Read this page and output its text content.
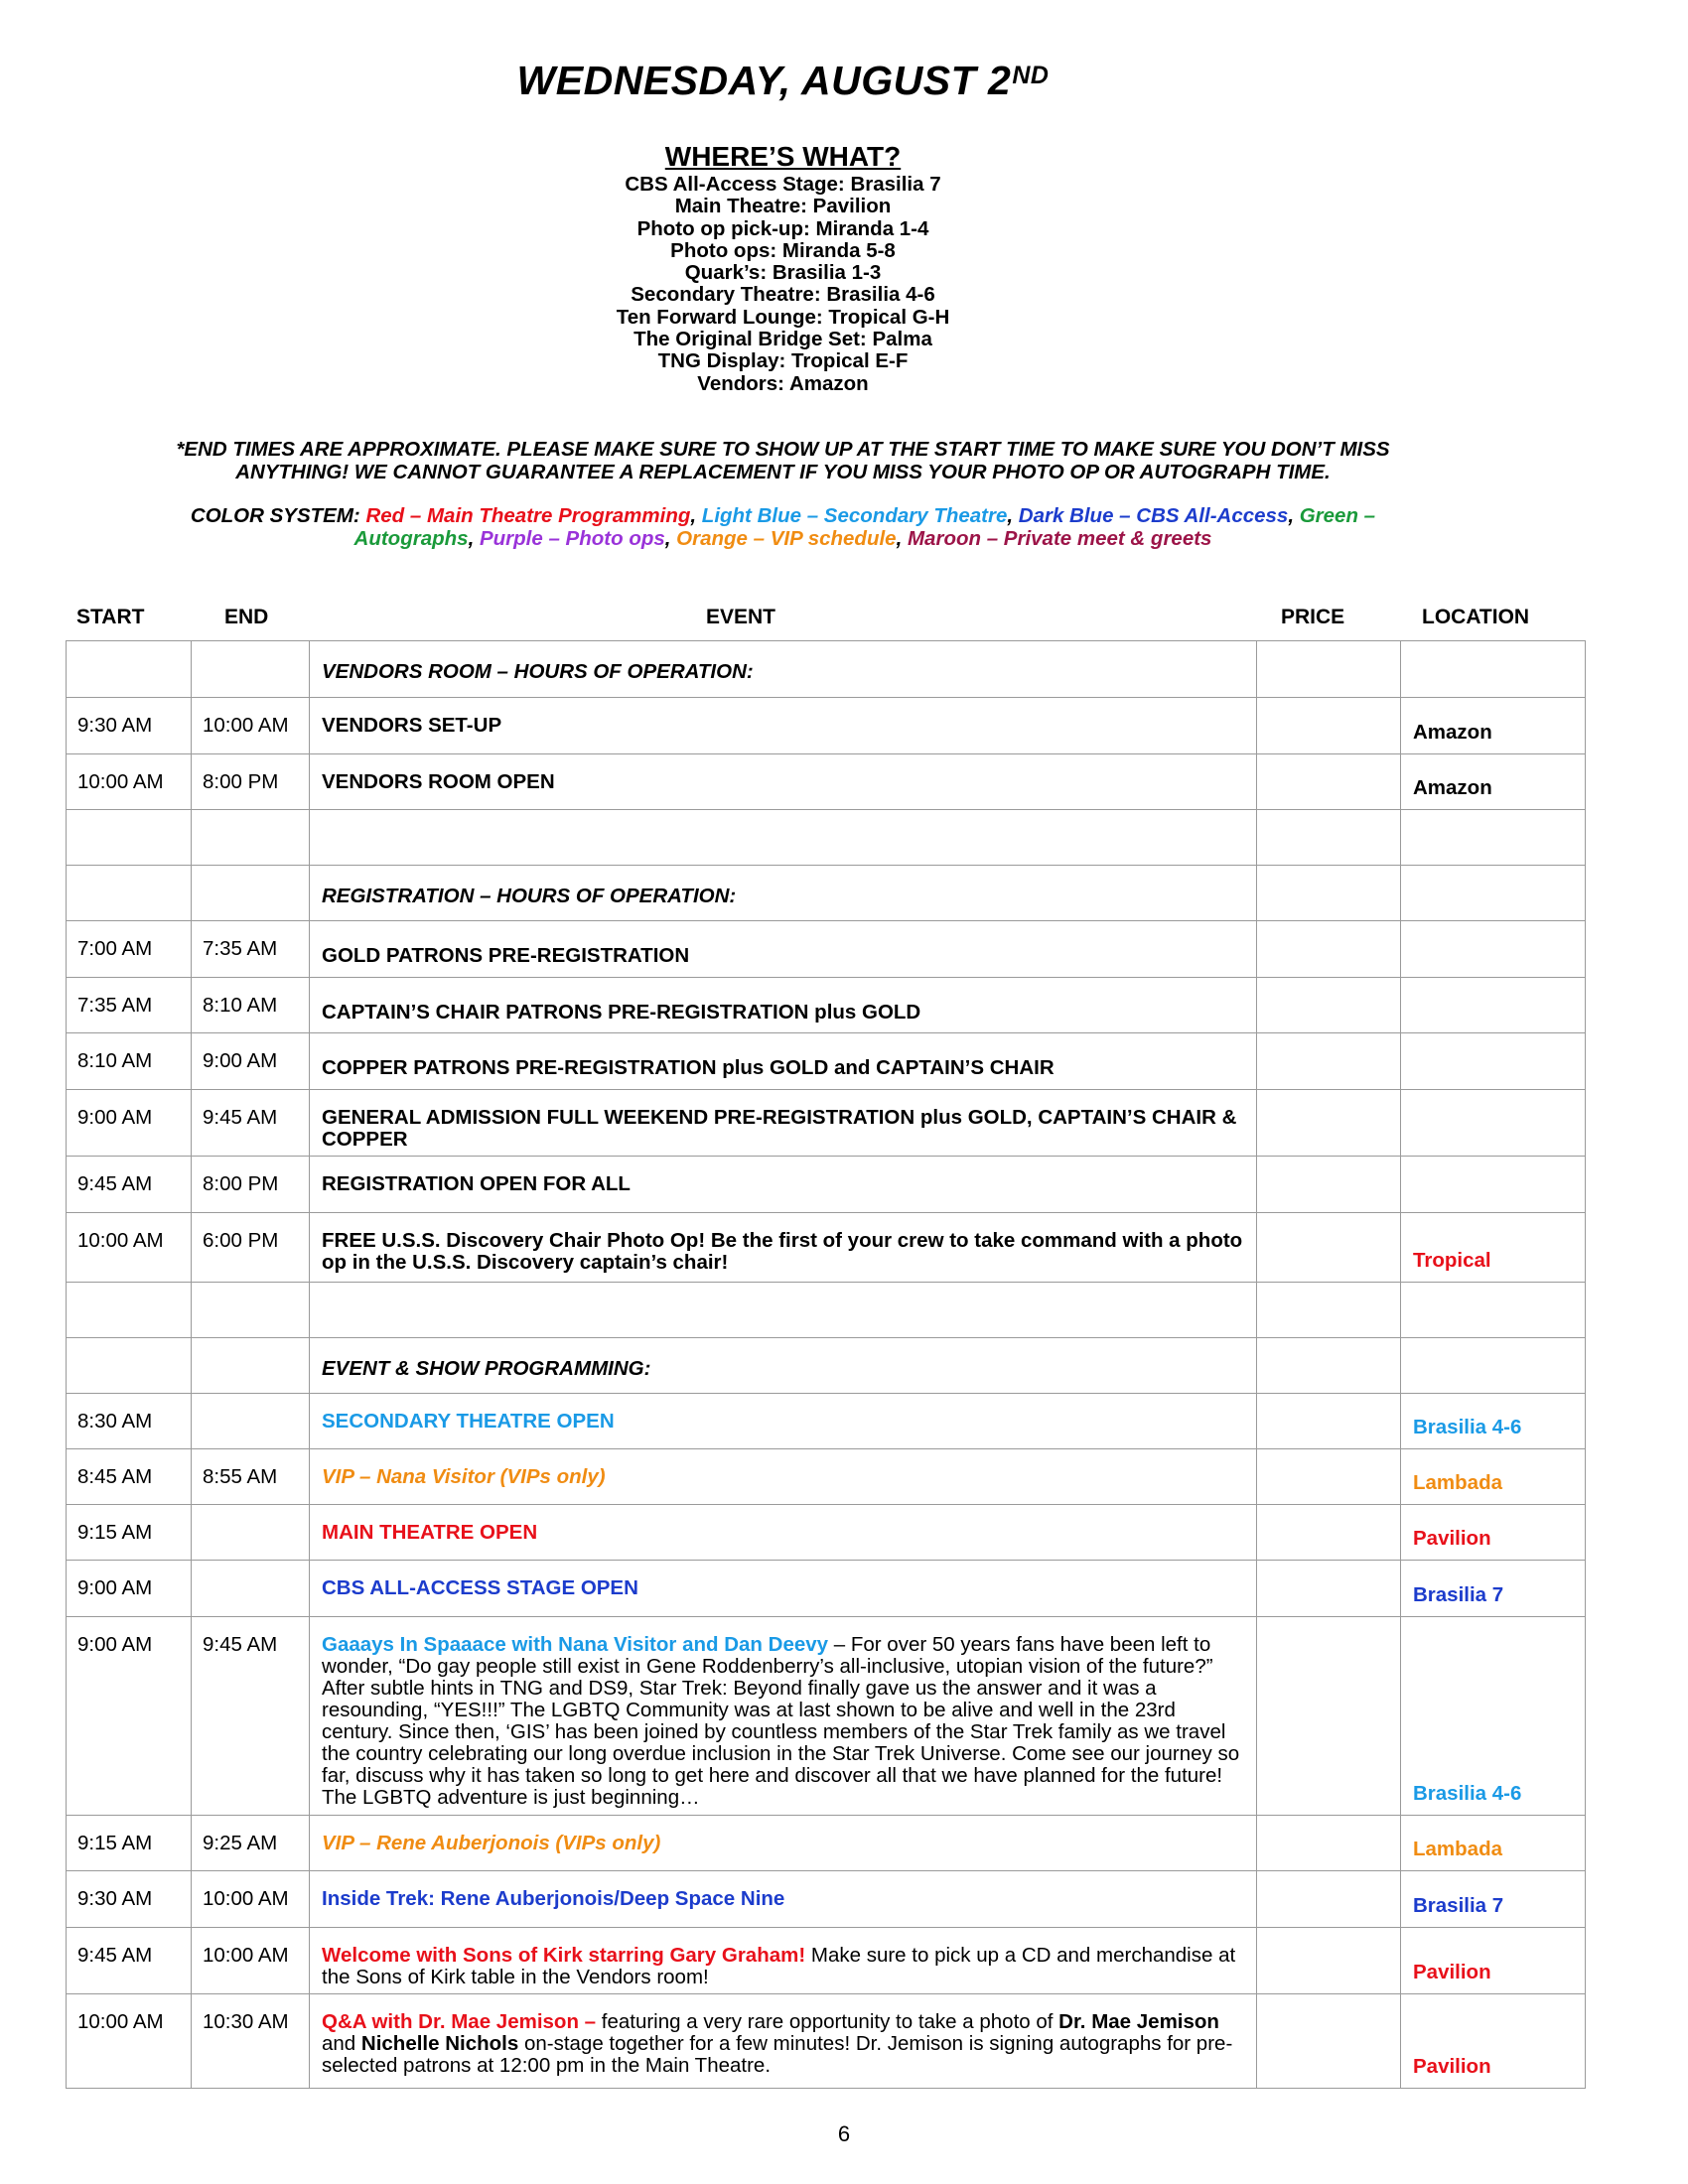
WEDNESDAY, AUGUST 2ND
WHERE’S WHAT?
CBS All-Access Stage: Brasilia 7
Main Theatre: Pavilion
Photo op pick-up: Miranda 1-4
Photo ops: Miranda 5-8
Quark’s: Brasilia 1-3
Secondary Theatre: Brasilia 4-6
Ten Forward Lounge: Tropical G-H
The Original Bridge Set: Palma
TNG Display: Tropical E-F
Vendors: Amazon
*END TIMES ARE APPROXIMATE. PLEASE MAKE SURE TO SHOW UP AT THE START TIME TO MAKE SURE YOU DON’T MISS
ANYTHING! WE CANNOT GUARANTEE A REPLACEMENT IF YOU MISS YOUR PHOTO OP OR AUTOGRAPH TIME.
COLOR SYSTEM: Red – Main Theatre Programming, Light Blue – Secondary Theatre, Dark Blue – CBS All-Access, Green –
Autographs, Purple – Photo ops, Orange – VIP schedule, Maroon – Private meet & greets
START	END	EVENT	PRICE	LOCATION
		VENDORS ROOM – HOURS OF OPERATION:		
9:30 AM	10:00 AM	VENDORS SET-UP		Amazon
10:00 AM	8:00 PM	VENDORS ROOM OPEN		Amazon

		REGISTRATION – HOURS OF OPERATION:		
7:00 AM	7:35 AM	GOLD PATRONS PRE-REGISTRATION		
7:35 AM	8:10 AM	CAPTAIN’S CHAIR PATRONS PRE-REGISTRATION plus GOLD		
8:10 AM	9:00 AM	COPPER PATRONS PRE-REGISTRATION plus GOLD and CAPTAIN’S CHAIR		
9:00 AM	9:45 AM	GENERAL ADMISSION FULL WEEKEND PRE-REGISTRATION plus GOLD, CAPTAIN’S CHAIR & COPPER		
9:45 AM	8:00 PM	REGISTRATION OPEN FOR ALL		
10:00 AM	6:00 PM	FREE U.S.S. Discovery Chair Photo Op! Be the first of your crew to take command with a photo op in the U.S.S. Discovery captain’s chair!		Tropical

		EVENT & SHOW PROGRAMMING:		
8:30 AM		SECONDARY THEATRE OPEN		Brasilia 4-6
8:45 AM	8:55 AM	VIP – Nana Visitor (VIPs only)		Lambada
9:15 AM		MAIN THEATRE OPEN		Pavilion
9:00 AM		CBS ALL-ACCESS STAGE OPEN		Brasilia 7
9:00 AM	9:45 AM	Gaaays In Spaaace with Nana Visitor and Dan Deevy – For over 50 years fans have been left to wonder, “Do gay people still exist in Gene Roddenberry’s all-inclusive, utopian vision of the future?” After subtle hints in TNG and DS9, Star Trek: Beyond finally gave us the answer and it was a resounding, “YES!!!” The LGBTQ Community was at last shown to be alive and well in the 23rd century. Since then, ‘GIS’ has been joined by countless members of the Star Trek family as we travel the country celebrating our long overdue inclusion in the Star Trek Universe. Come see our journey so far, discuss why it has taken so long to get here and discover all that we have planned for the future! The LGBTQ adventure is just beginning…		Brasilia 4-6
9:15 AM	9:25 AM	VIP – Rene Auberjonois (VIPs only)		Lambada
9:30 AM	10:00 AM	Inside Trek: Rene Auberjonois/Deep Space Nine		Brasilia 7
9:45 AM	10:00 AM	Welcome with Sons of Kirk starring Gary Graham! Make sure to pick up a CD and merchandise at the Sons of Kirk table in the Vendors room!		Pavilion
10:00 AM	10:30 AM	Q&A with Dr. Mae Jemison – featuring a very rare opportunity to take a photo of Dr. Mae Jemison and Nichelle Nichols on-stage together for a few minutes! Dr. Jemison is signing autographs for pre-selected patrons at 12:00 pm in the Main Theatre.		Pavilion
6
